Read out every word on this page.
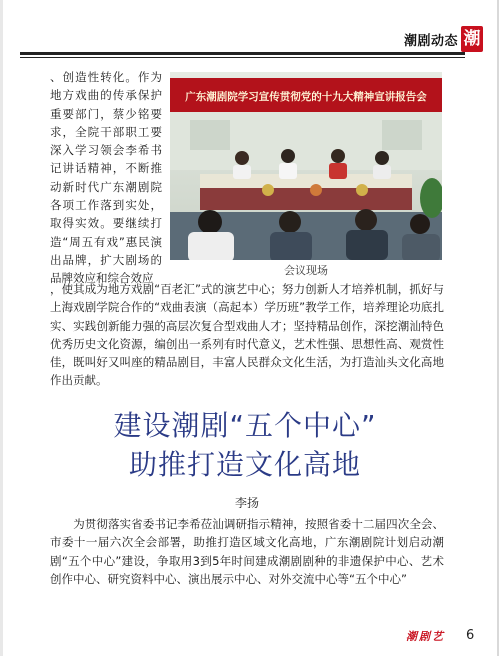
潮剧动态 潮

、创造性转化。作为地方戏曲的传承保护重要部门，蔡少铭要求，全院干部职工要深入学习领会李希书记讲话精神，不断推动新时代广东潮剧院各项工作落到实处，取得实效。要继续打造“周五有戏”惠民演出品牌，扩大剧场的品牌效应和综合效应

广东潮剧院学习宣传贯彻党的十九大精神宣讲报告会
会议现场

，使其成为地方戏剧“百老汇”式的演艺中心；努力创新人才培养机制，抓好与上海戏剧学院合作的“戏曲表演（高起本）学历班”教学工作，培养理论功底扎实、实践创新能力强的高层次复合型戏曲人才；坚持精品创作，深挖潮汕特色优秀历史文化资源，编创出一系列有时代意义，艺术性强、思想性高、观赏性佳，既叫好又叫座的精品剧目，丰富人民群众文化生活，为打造汕头文化高地作出贡献。

建设潮剧“五个中心”
助推打造文化高地
李扬

　　为贯彻落实省委书记李希莅汕调研指示精神，按照省委十二届四次全会、市委十一届六次全会部署，助推打造区域文化高地，广东潮剧院计划启动潮剧“五个中心”建设，争取用3到5年时间建成潮剧剧种的非遗保护中心、艺术创作中心、研究资料中心、演出展示中心、对外交流中心等“五个中心”

潮剧艺	6
